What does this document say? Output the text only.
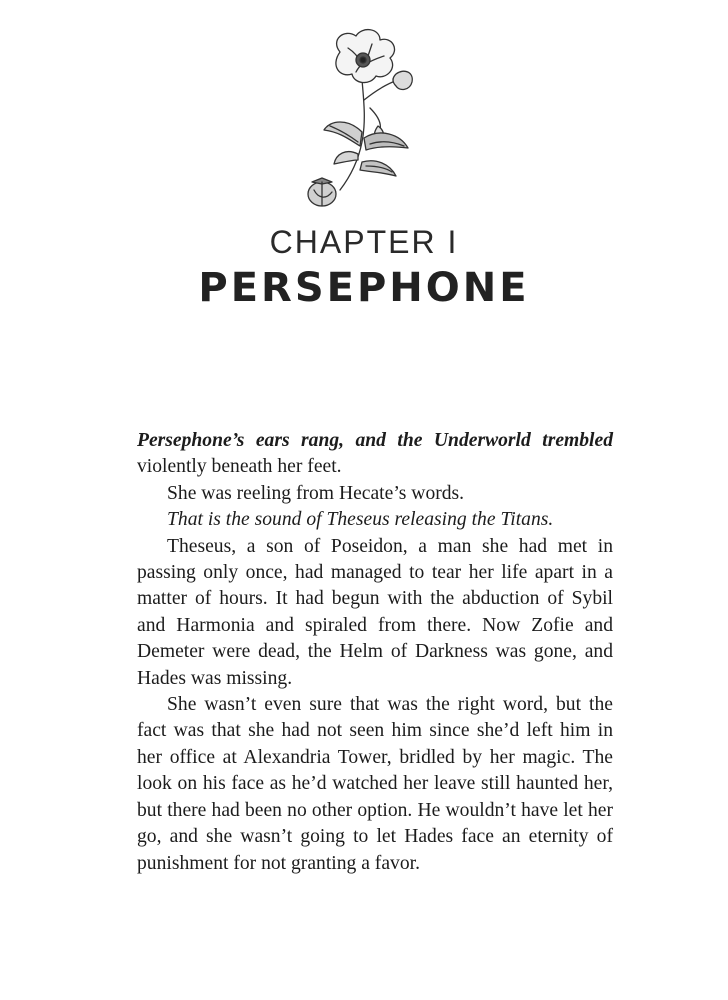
CHAPTER I
PERSEPHONE

Persephone’s ears rang, and the Underworld trembled violently beneath her feet.

She was reeling from Hecate’s words.

That is the sound of Theseus releasing the Titans.

Theseus, a son of Poseidon, a man she had met in passing only once, had managed to tear her life apart in a matter of hours. It had begun with the abduction of Sybil and Harmonia and spiraled from there. Now Zofie and Demeter were dead, the Helm of Darkness was gone, and Hades was missing.

She wasn’t even sure that was the right word, but the fact was that she had not seen him since she’d left him in her office at Alexandria Tower, bridled by her magic. The look on his face as he’d watched her leave still haunted her, but there had been no other option. He wouldn’t have let her go, and she wasn’t going to let Hades face an eternity of punishment for not granting a favor.
